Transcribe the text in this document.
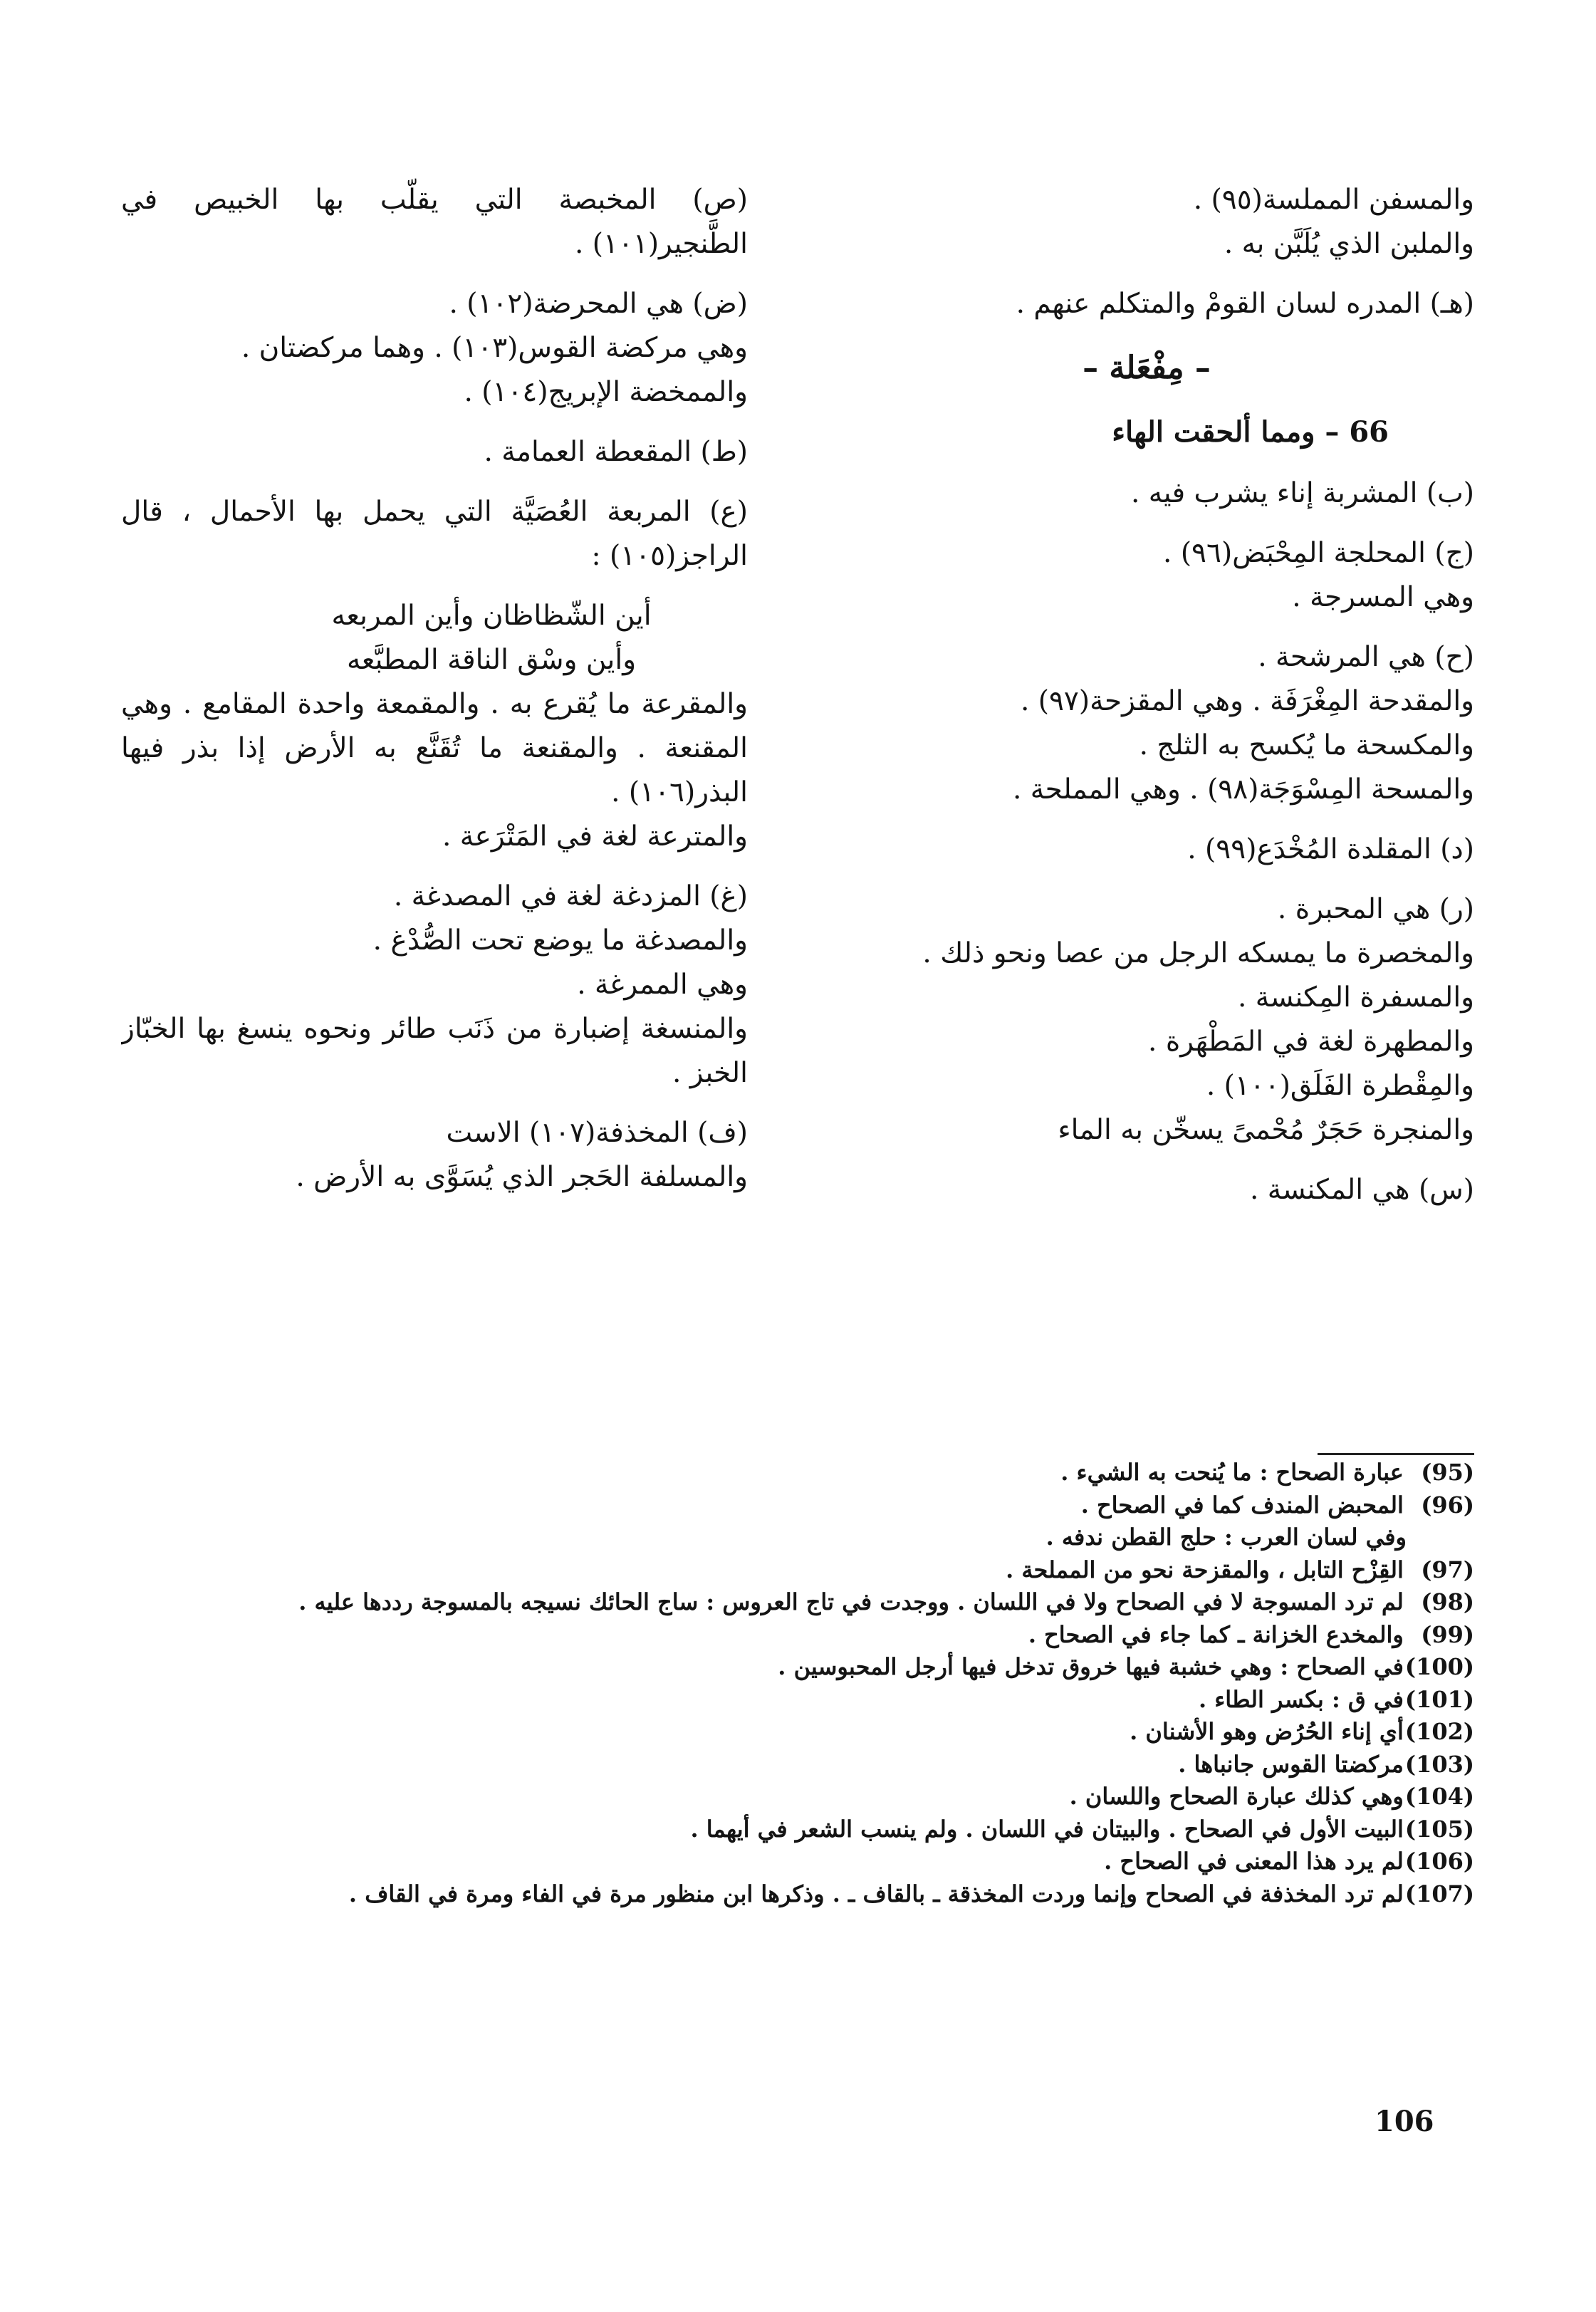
والمسفن المملسة(٩٥) .
والملبن الذي يُلَبَّن به .
(هـ) المدره لسان القومْ والمتكلم عنهم .
– مِفْعَلة –
66 – ومما ألحقت الهاء
(ب) المشربة إناء يشرب فيه .
(ج) المحلجة المِحْبَض(٩٦) .
وهي المسرجة .
(ح) هي المرشحة .
والمقدحة المِغْرَفَة . وهي المقزحة(٩٧) .
والمكسحة ما يُكسح به الثلج .
والمسحة المِسْوَجَة(٩٨) . وهي المملحة .
(د) المقلدة المُخْدَع(٩٩) .
(ر) هي المحبرة .
والمخصرة ما يمسكه الرجل من عصا ونحو ذلك .
والمسفرة المِكنسة .
والمطهرة لغة في المَطْهَرة .
والمِقْطرة الفَلَق(١٠٠) .
والمنجرة حَجَرٌ مُحْمىً يسخّن به الماء
(س) هي المكنسة .
(ص) المخبصة التي يقلّب بها الخبيص في
الطَّنجير(١٠١) .
(ض) هي المحرضة(١٠٢) .
وهي مركضة القوس(١٠٣) . وهما مركضتان .
والممخضة الإبريج(١٠٤) .
(ط) المقعطة العمامة .
(ع) المربعة العُصَيَّة التي يحمل بها الأحمال ، قال
الراجز(١٠٥) :
أين الشّظاظان وأين المربعه
وأين وسْق الناقة المطبَّعه
والمقرعة ما يُقرع به . والمقمعة واحدة المقامع . وهي
المقنعة . والمقنعة ما تُقَنَّع به الأرض إذا بذر فيها
البذر(١٠٦) .
والمترعة لغة في المَتْرَعة .
(غ) المزدغة لغة في المصدغة .
والمصدغة ما يوضع تحت الصُّدْغ .
وهي الممرغة .
والمنسغة إضبارة من ذَنَب طائر ونحوه ينسغ بها الخبّاز
الخبز .
(ف) المخذفة(١٠٧) الاست
والمسلفة الحَجر الذي يُسَوَّى به الأرض .
(95) عبارة الصحاح : ما يُنحت به الشيء .
(96) المحبض المندف كما في الصحاح .
وفي لسان العرب : حلج القطن ندفه .
(97) القِزْح التابل ، والمقزحة نحو من المملحة .
(98) لم ترد المسوجة لا في الصحاح ولا في اللسان . ووجدت في تاج العروس : ساج الحائك نسيجه بالمسوجة رددها عليه .
(99) والمخدع الخزانة ـ كما جاء في الصحاح .
(100) في الصحاح : وهي خشبة فيها خروق تدخل فيها أرجل المحبوسين .
(101) في ق : بكسر الطاء .
(102) أي إناء الحُرُض وهو الأشنان .
(103) مركضتا القوس جانباها .
(104) وهي كذلك عبارة الصحاح واللسان .
(105) البيت الأول في الصحاح . والبيتان في اللسان . ولم ينسب الشعر في أيهما .
(106) لم يرد هذا المعنى في الصحاح .
(107) لم ترد المخذفة في الصحاح وإنما وردت المخذقة ـ بالقاف ـ . وذكرها ابن منظور مرة في الفاء ومرة في القاف .
106
